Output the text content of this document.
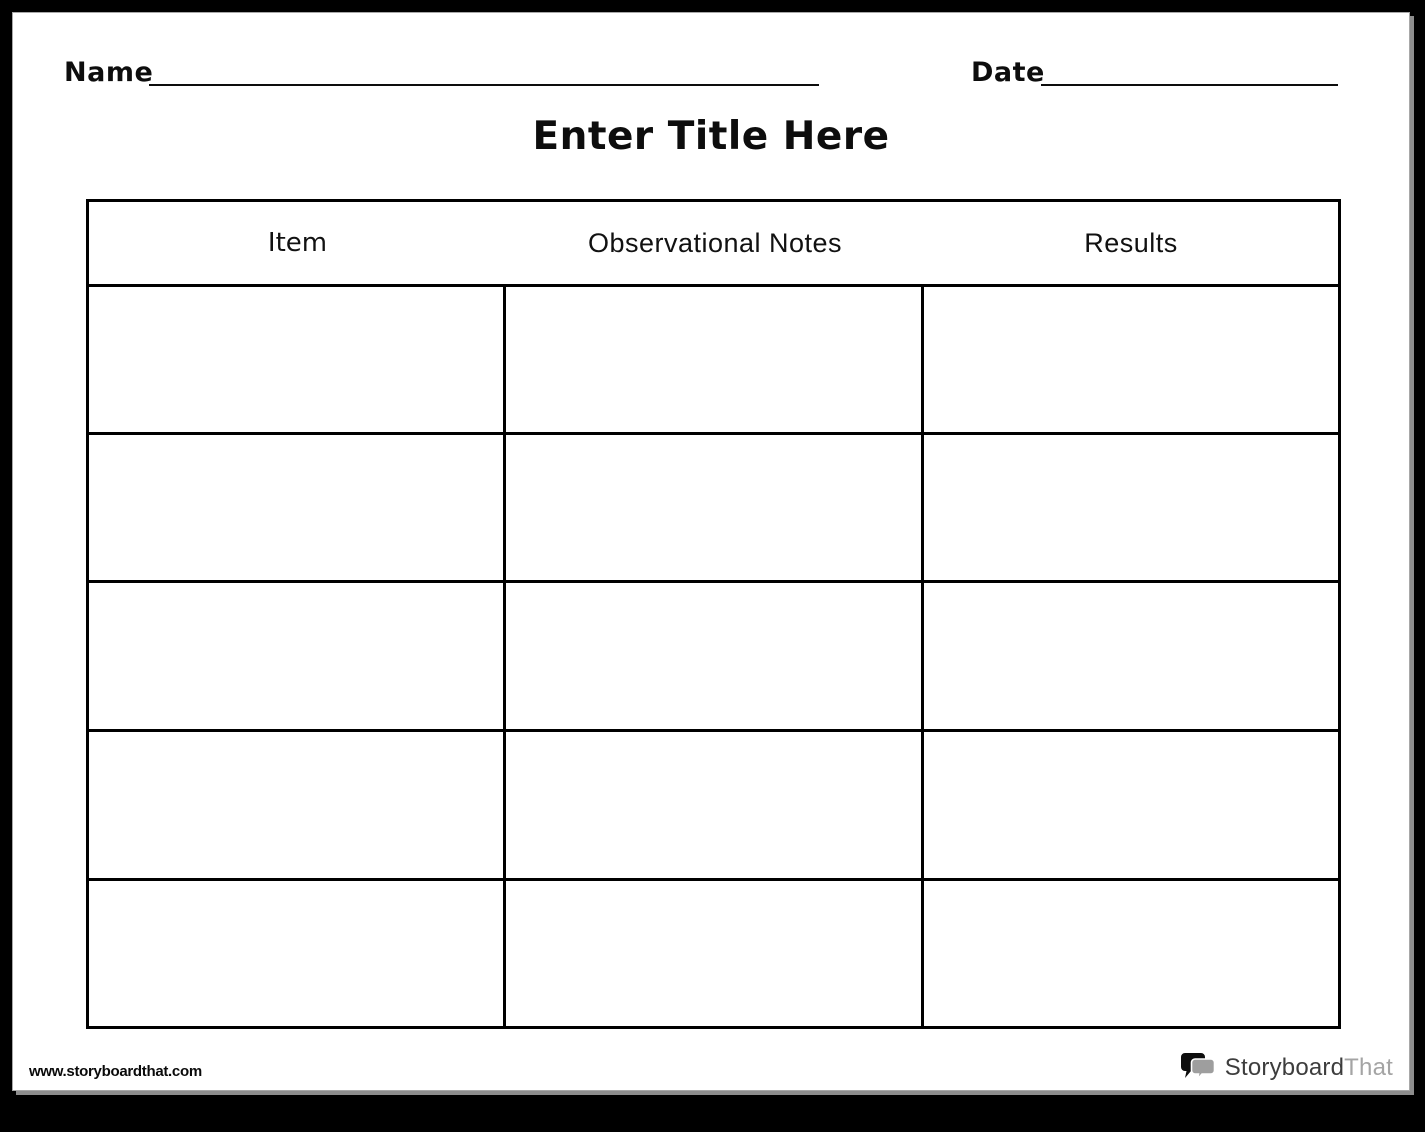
Name	Date
Enter Title Here
Item	Observational Notes	Results
www.storyboardthat.com	StoryboardThat
